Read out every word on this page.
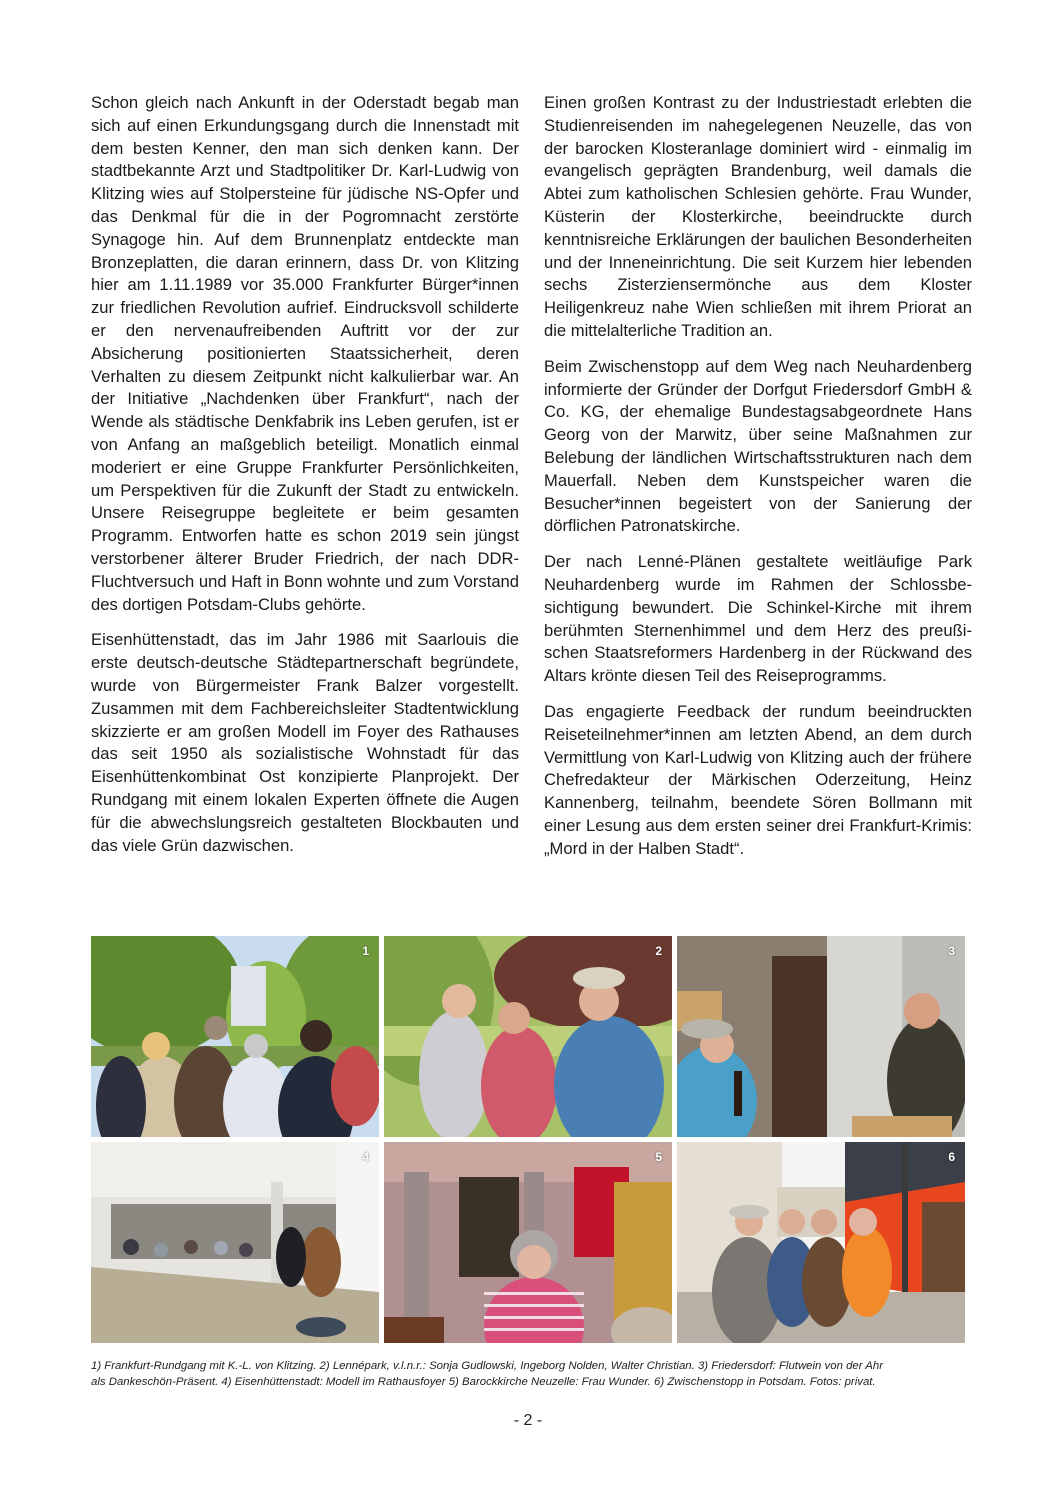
Schon gleich nach Ankunft in der Oderstadt begab man sich auf einen Erkundungsgang durch die Innenstadt mit dem besten Kenner, den man sich denken kann. Der stadtbekannte Arzt und Stadtpolitiker Dr. Karl-Ludwig von Klitzing wies auf Stolpersteine für jüdische NS-Opfer und das Denkmal für die in der Pogromnacht zerstörte Synagoge hin. Auf dem Brunnenplatz entdeckte man Bronzeplatten, die daran erinnern, dass Dr. von Klitzing hier am 1.11.1989 vor 35.000 Frankfurter Bürger*innen zur friedlichen Revolution aufrief. Eindrucksvoll schilderte er den nervenaufreibenden Auftritt vor der zur Absicherung positionierten Staatssicherheit, deren Verhalten zu diesem Zeitpunkt nicht kalkulierbar war. An der Initiative „Nachdenken über Frankfurt“, nach der Wende als städtische Denkfabrik ins Leben gerufen, ist er von Anfang an maßgeblich beteiligt. Monatlich einmal moderiert er eine Gruppe Frankfurter Persönlichkeiten, um Perspektiven für die Zukunft der Stadt zu entwickeln. Unsere Reisegruppe begleitete er beim gesamten Programm. Entworfen hatte es schon 2019 sein jüngst verstorbener älterer Bruder Friedrich, der nach DDR-Fluchtversuch und Haft in Bonn wohnte und zum Vorstand des dortigen Potsdam-Clubs gehörte.

Eisenhüttenstadt, das im Jahr 1986 mit Saarlouis die erste deutsch-deutsche Städtepartnerschaft begründete, wurde von Bürgermeister Frank Balzer vorgestellt. Zusammen mit dem Fachbereichsleiter Stadtentwicklung skizzierte er am großen Modell im Foyer des Rathauses das seit 1950 als sozialistische Wohnstadt für das Eisenhüttenkombinat Ost konzipierte Planprojekt. Der Rundgang mit einem lokalen Experten öffnete die Augen für die abwechslungsreich gestalteten Blockbauten und das viele Grün dazwischen.

Einen großen Kontrast zu der Industriestadt erlebten die Studienreisenden im nahegelegenen Neuzelle, das von der barocken Klosteranlage dominiert wird - einmalig im evangelisch geprägten Brandenburg, weil damals die Abtei zum katholischen Schlesien gehörte. Frau Wunder, Küsterin der Klosterkirche, beeindruckte durch kenntnisreiche Erklärungen der baulichen Besonderheiten und der Inneneinrichtung. Die seit Kurzem hier lebenden sechs Zisterziensermönche aus dem Kloster Heiligenkreuz nahe Wien schließen mit ihrem Priorat an die mittelalterliche Tradition an.

Beim Zwischenstopp auf dem Weg nach Neuhardenberg informierte der Gründer der Dorfgut Friedersdorf GmbH & Co. KG, der ehemalige Bundestagsabgeordnete Hans Georg von der Marwitz, über seine Maßnahmen zur Belebung der ländlichen Wirtschaftsstrukturen nach dem Mauerfall. Neben dem Kunstspeicher waren die Besucher*innen begeistert von der Sanierung der dörflichen Patronatskirche.

Der nach Lenné-Plänen gestaltete weitläufige Park Neuhardenberg wurde im Rahmen der Schlossbesichtigung bewundert. Die Schinkel-Kirche mit ihrem berühmten Sternenhimmel und dem Herz des preußischen Staatsreformers Hardenberg in der Rückwand des Altars krönte diesen Teil des Reiseprogramms.

Das engagierte Feedback der rundum beeindruckten Reiseteilnehmer*innen am letzten Abend, an dem durch Vermittlung von Karl-Ludwig von Klitzing auch der frühere Chefredakteur der Märkischen Oderzeitung, Heinz Kannenberg, teilnahm, beendete Sören Bollmann mit einer Lesung aus dem ersten seiner drei Frankfurt-Krimis: „Mord in der Halben Stadt“.

1	2	3
4	5	6
1) Frankfurt-Rundgang mit K.-L. von Klitzing. 2) Lennépark, v.l.n.r.: Sonja Gudlowski, Ingeborg Nolden, Walter Christian. 3) Friedersdorf: Flutwein von der Ahr
als Dankeschön-Präsent. 4) Eisenhüttenstadt: Modell im Rathausfoyer 5) Barockkirche Neuzelle: Frau Wunder. 6) Zwischenstopp in Potsdam. Fotos: privat.
- 2 -
